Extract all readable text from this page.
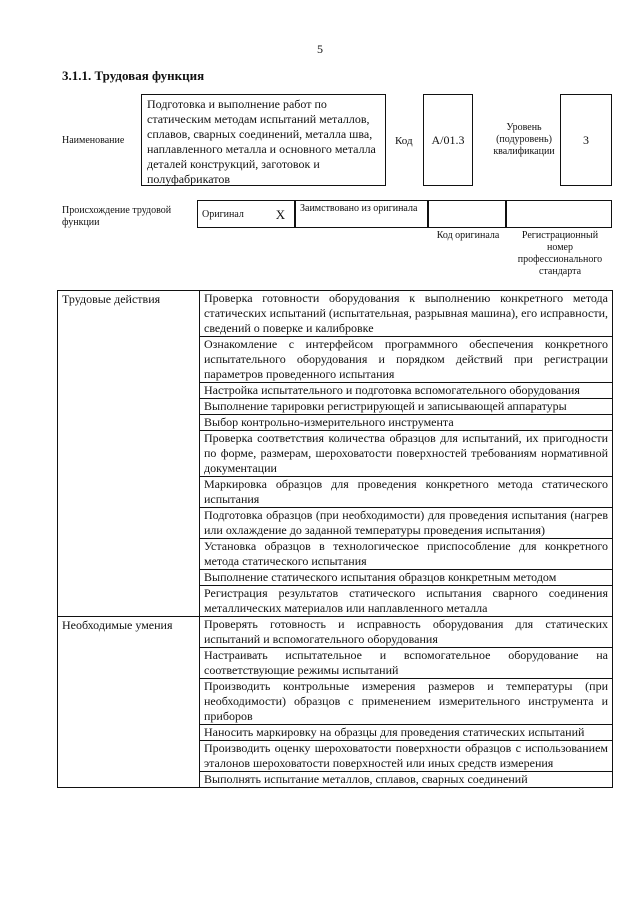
5
3.1.1. Трудовая функция
Наименование
Подготовка и выполнение работ по статическим методам испытаний металлов, сплавов, сварных соединений, металла шва, наплавленного металла и основного металла деталей конструкций, заготовок и полуфабрикатов
Код	A/01.3
Уровень (подуровень) квалификации
3
Происхождение трудовой функции
Оригинал	X	Заимствовано из оригинала
Код оригинала	Регистрационный номер профессионального стандарта
Трудовые действия	Проверка готовности оборудования к выполнению конкретного метода статических испытаний (испытательная, разрывная машина), его исправности, сведений о поверке и калибровке
	Ознакомление с интерфейсом программного обеспечения конкретного испытательного оборудования и порядком действий при регистрации параметров проведенного испытания
	Настройка испытательного и подготовка вспомогательного оборудования
	Выполнение тарировки регистрирующей и записывающей аппаратуры
	Выбор контрольно-измерительного инструмента
	Проверка соответствия количества образцов для испытаний, их пригодности по форме, размерам, шероховатости поверхностей требованиям нормативной документации
	Маркировка образцов для проведения конкретного метода статического испытания
	Подготовка образцов (при необходимости) для проведения испытания (нагрев или охлаждение до заданной температуры проведения испытания)
	Установка образцов в технологическое приспособление для конкретного метода статического испытания
	Выполнение статического испытания образцов конкретным методом
	Регистрация результатов статического испытания сварного соединения металлических материалов или наплавленного металла
Необходимые умения	Проверять готовность и исправность оборудования для статических испытаний и вспомогательного оборудования
	Настраивать испытательное и вспомогательное оборудование на соответствующие режимы испытаний
	Производить контрольные измерения размеров и температуры (при необходимости) образцов с применением измерительного инструмента и приборов
	Наносить маркировку на образцы для проведения статических испытаний
	Производить оценку шероховатости поверхности образцов с использованием эталонов шероховатости поверхностей или иных средств измерения
	Выполнять испытание металлов, сплавов, сварных соединений
